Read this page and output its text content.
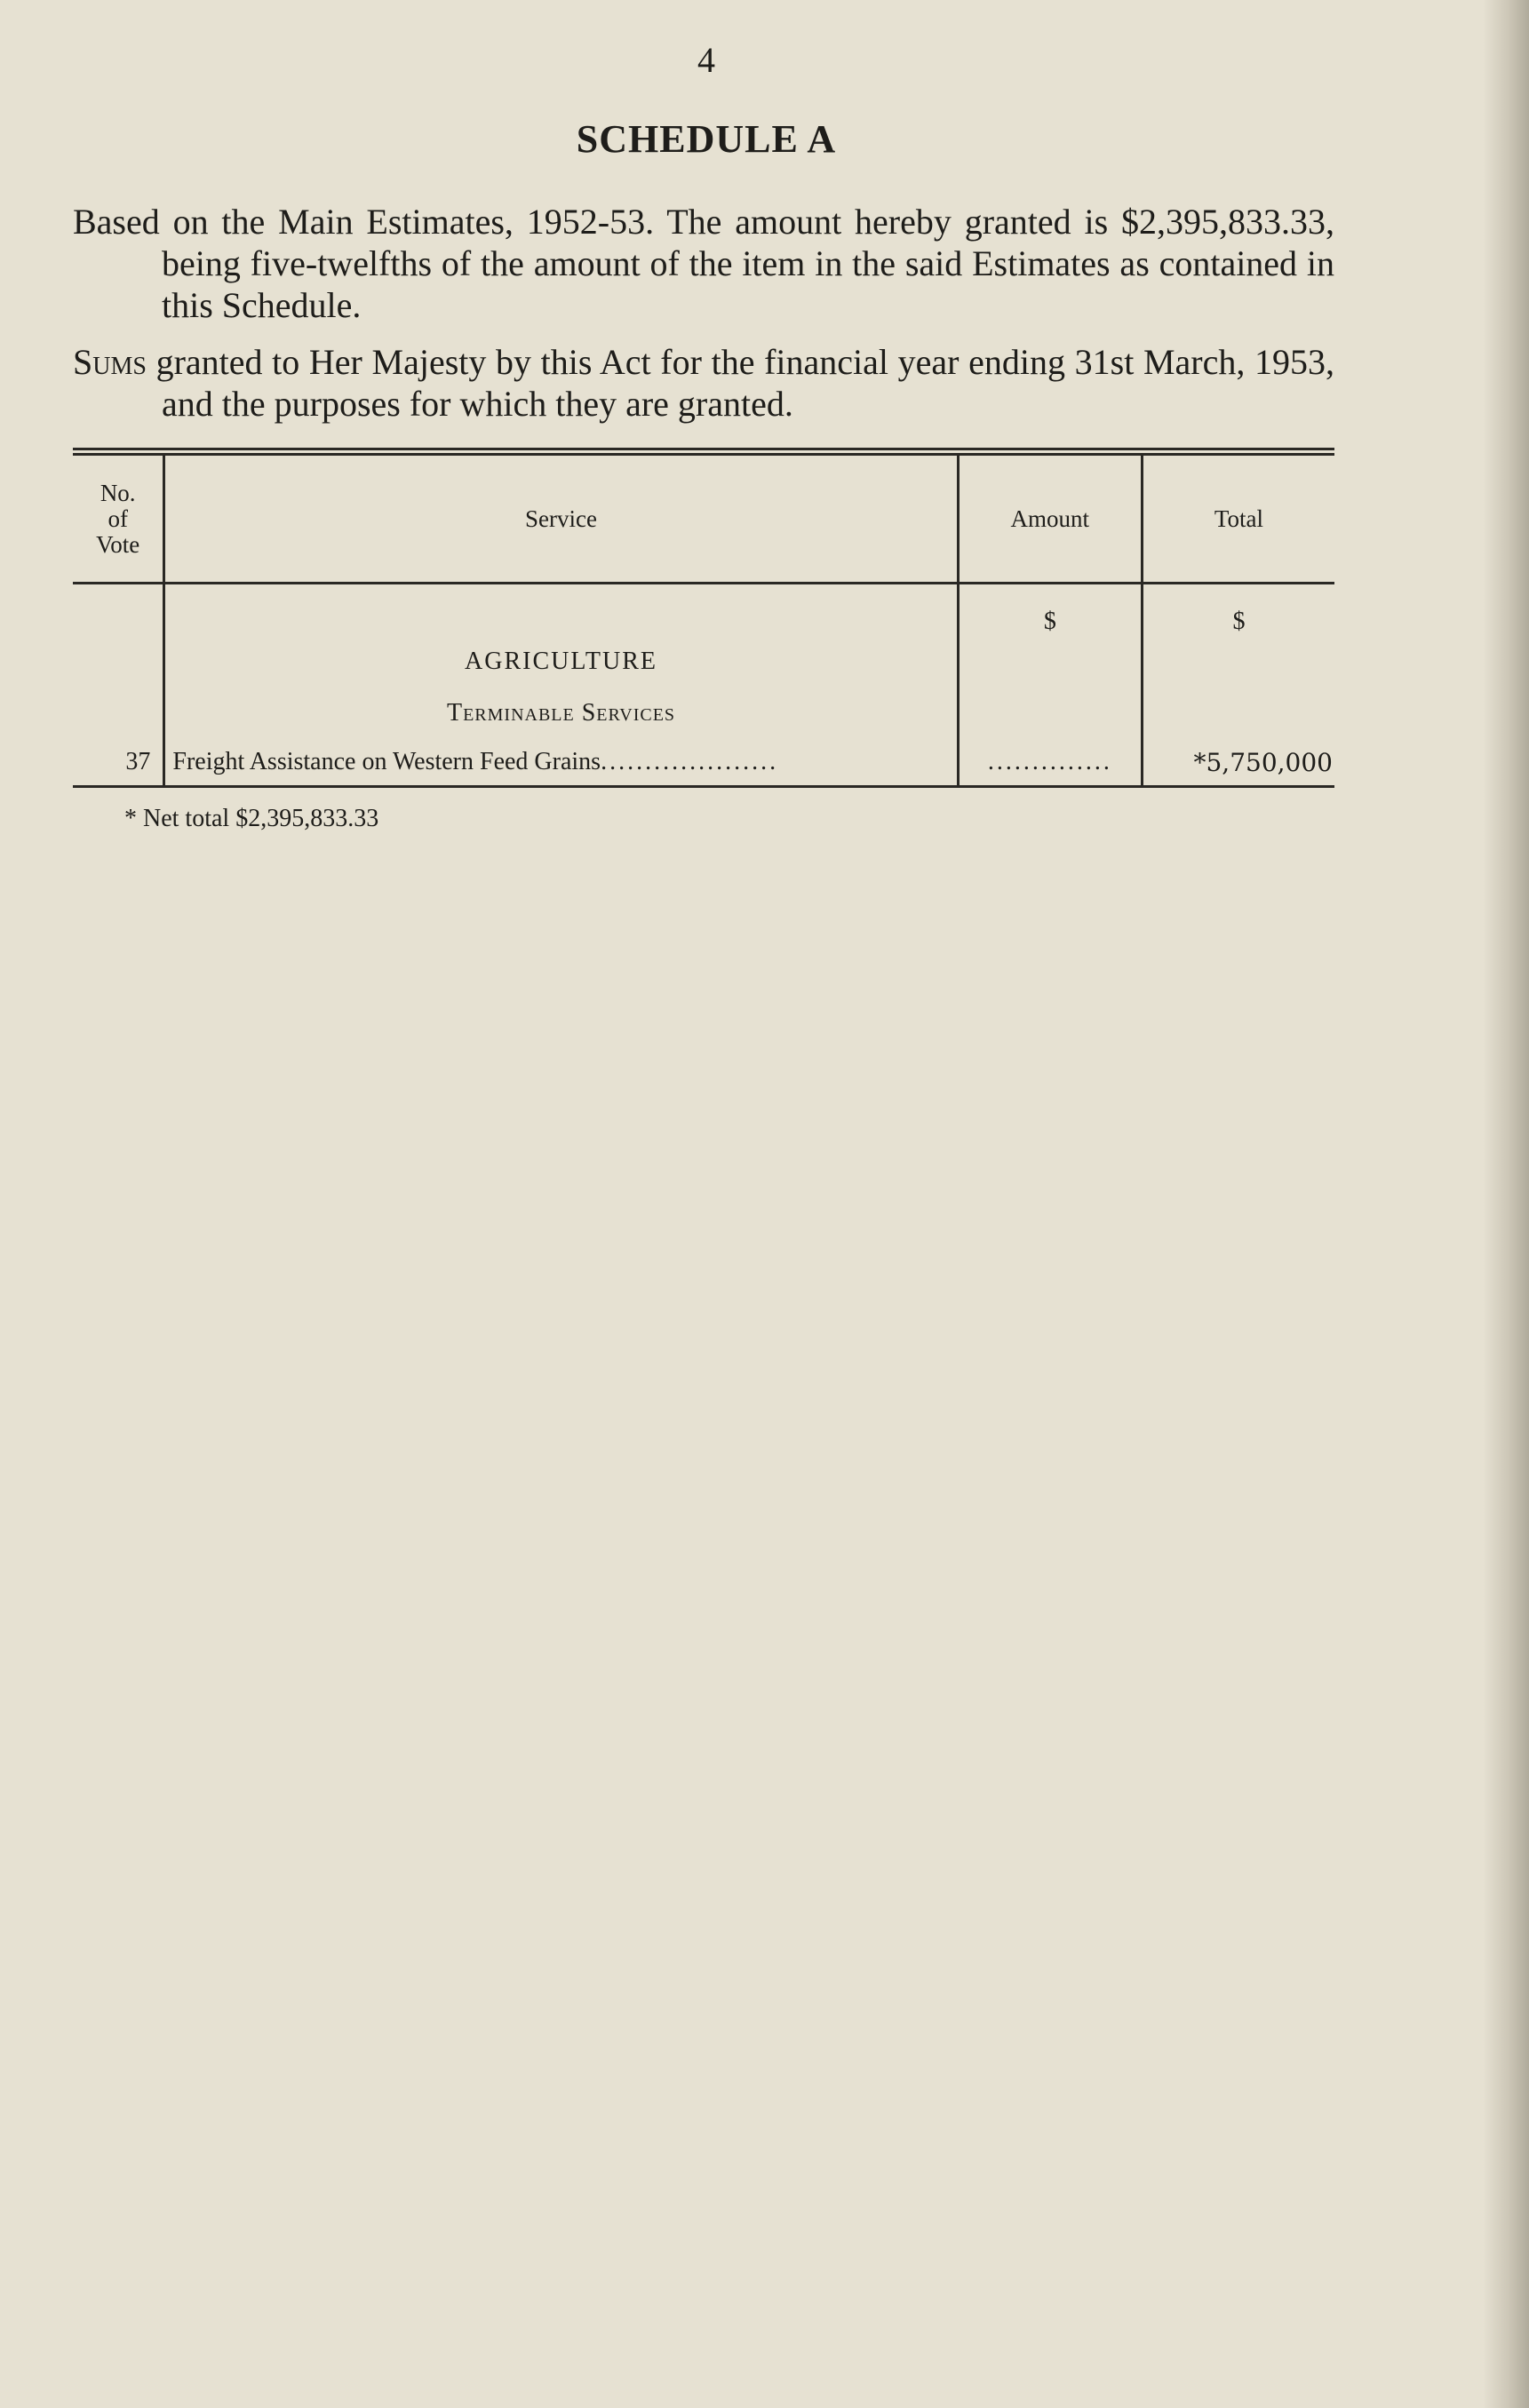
4
SCHEDULE A
Based on the Main Estimates, 1952-53. The amount hereby granted is $2,395,833.33, being five-twelfths of the amount of the item in the said Estimates as contained in this Schedule.
Sums granted to Her Majesty by this Act for the financial year ending 31st March, 1953, and the purposes for which they are granted.
No.
of
Vote	Service	Amount	Total
		$	$
	AGRICULTURE		
	Terminable Services		
37	Freight Assistance on Western Feed Grains....................	..............	*5,750,000
* Net total $2,395,833.33
